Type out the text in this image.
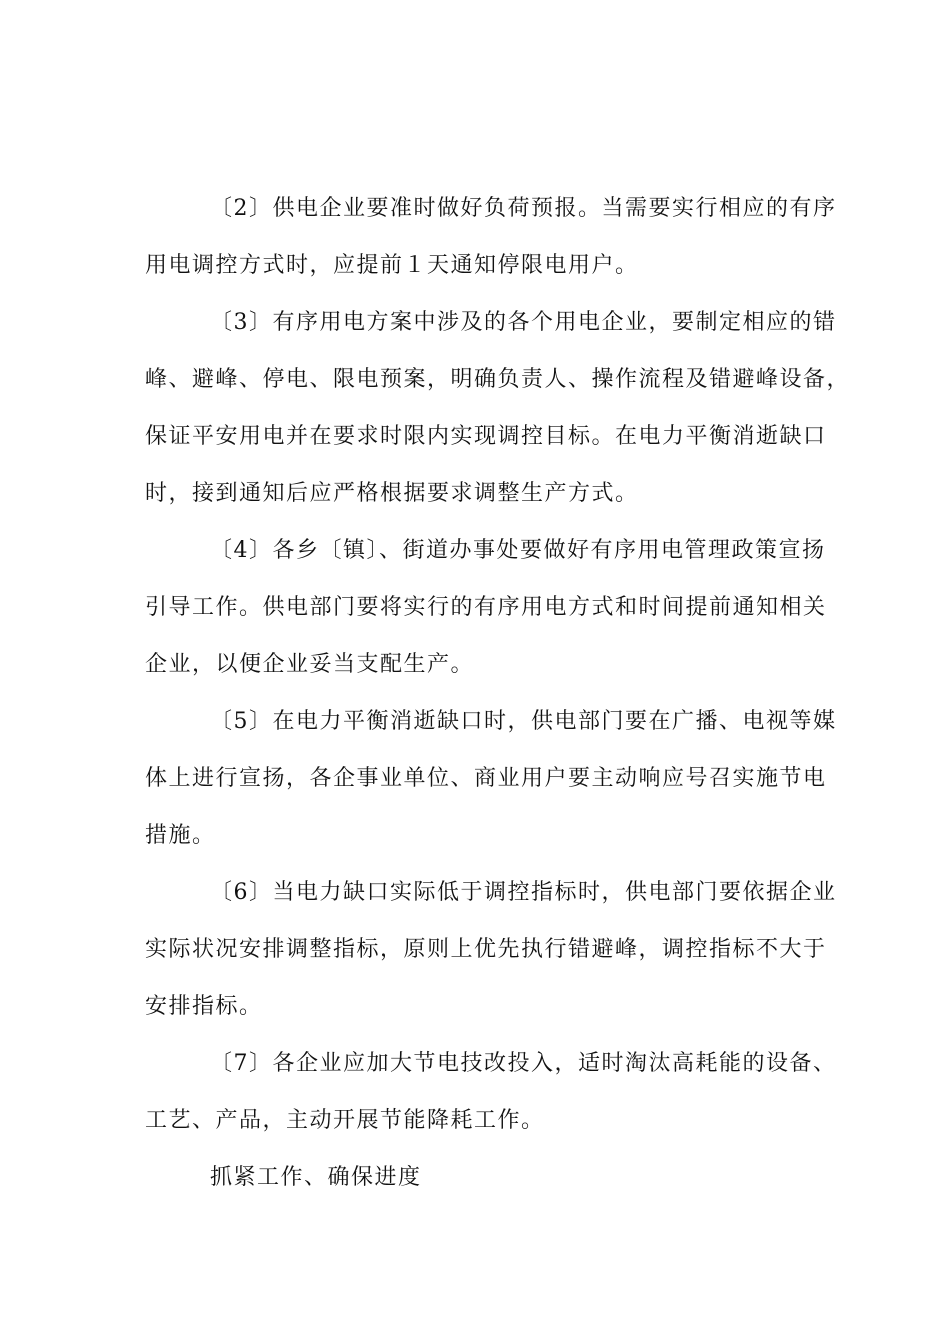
〔2〕供电企业要准时做好负荷预报。当需要实行相应的有序

用电调控方式时，应提前１天通知停限电用户。

〔3〕有序用电方案中涉及的各个用电企业，要制定相应的错

峰、避峰、停电、限电预案，明确负责人、操作流程及错避峰设备，

保证平安用电并在要求时限内实现调控目标。在电力平衡消逝缺口

时，接到通知后应严格根据要求调整生产方式。

〔4〕各乡〔镇〕、街道办事处要做好有序用电管理政策宣扬

引导工作。供电部门要将实行的有序用电方式和时间提前通知相关

企业，以便企业妥当支配生产。

〔5〕在电力平衡消逝缺口时，供电部门要在广播、电视等媒

体上进行宣扬，各企事业单位、商业用户要主动响应号召实施节电

措施。

〔6〕当电力缺口实际低于调控指标时，供电部门要依据企业

实际状况安排调整指标，原则上优先执行错避峰，调控指标不大于

安排指标。

〔7〕各企业应加大节电技改投入，适时淘汰高耗能的设备、

工艺、产品，主动开展节能降耗工作。

抓紧工作、确保进度
